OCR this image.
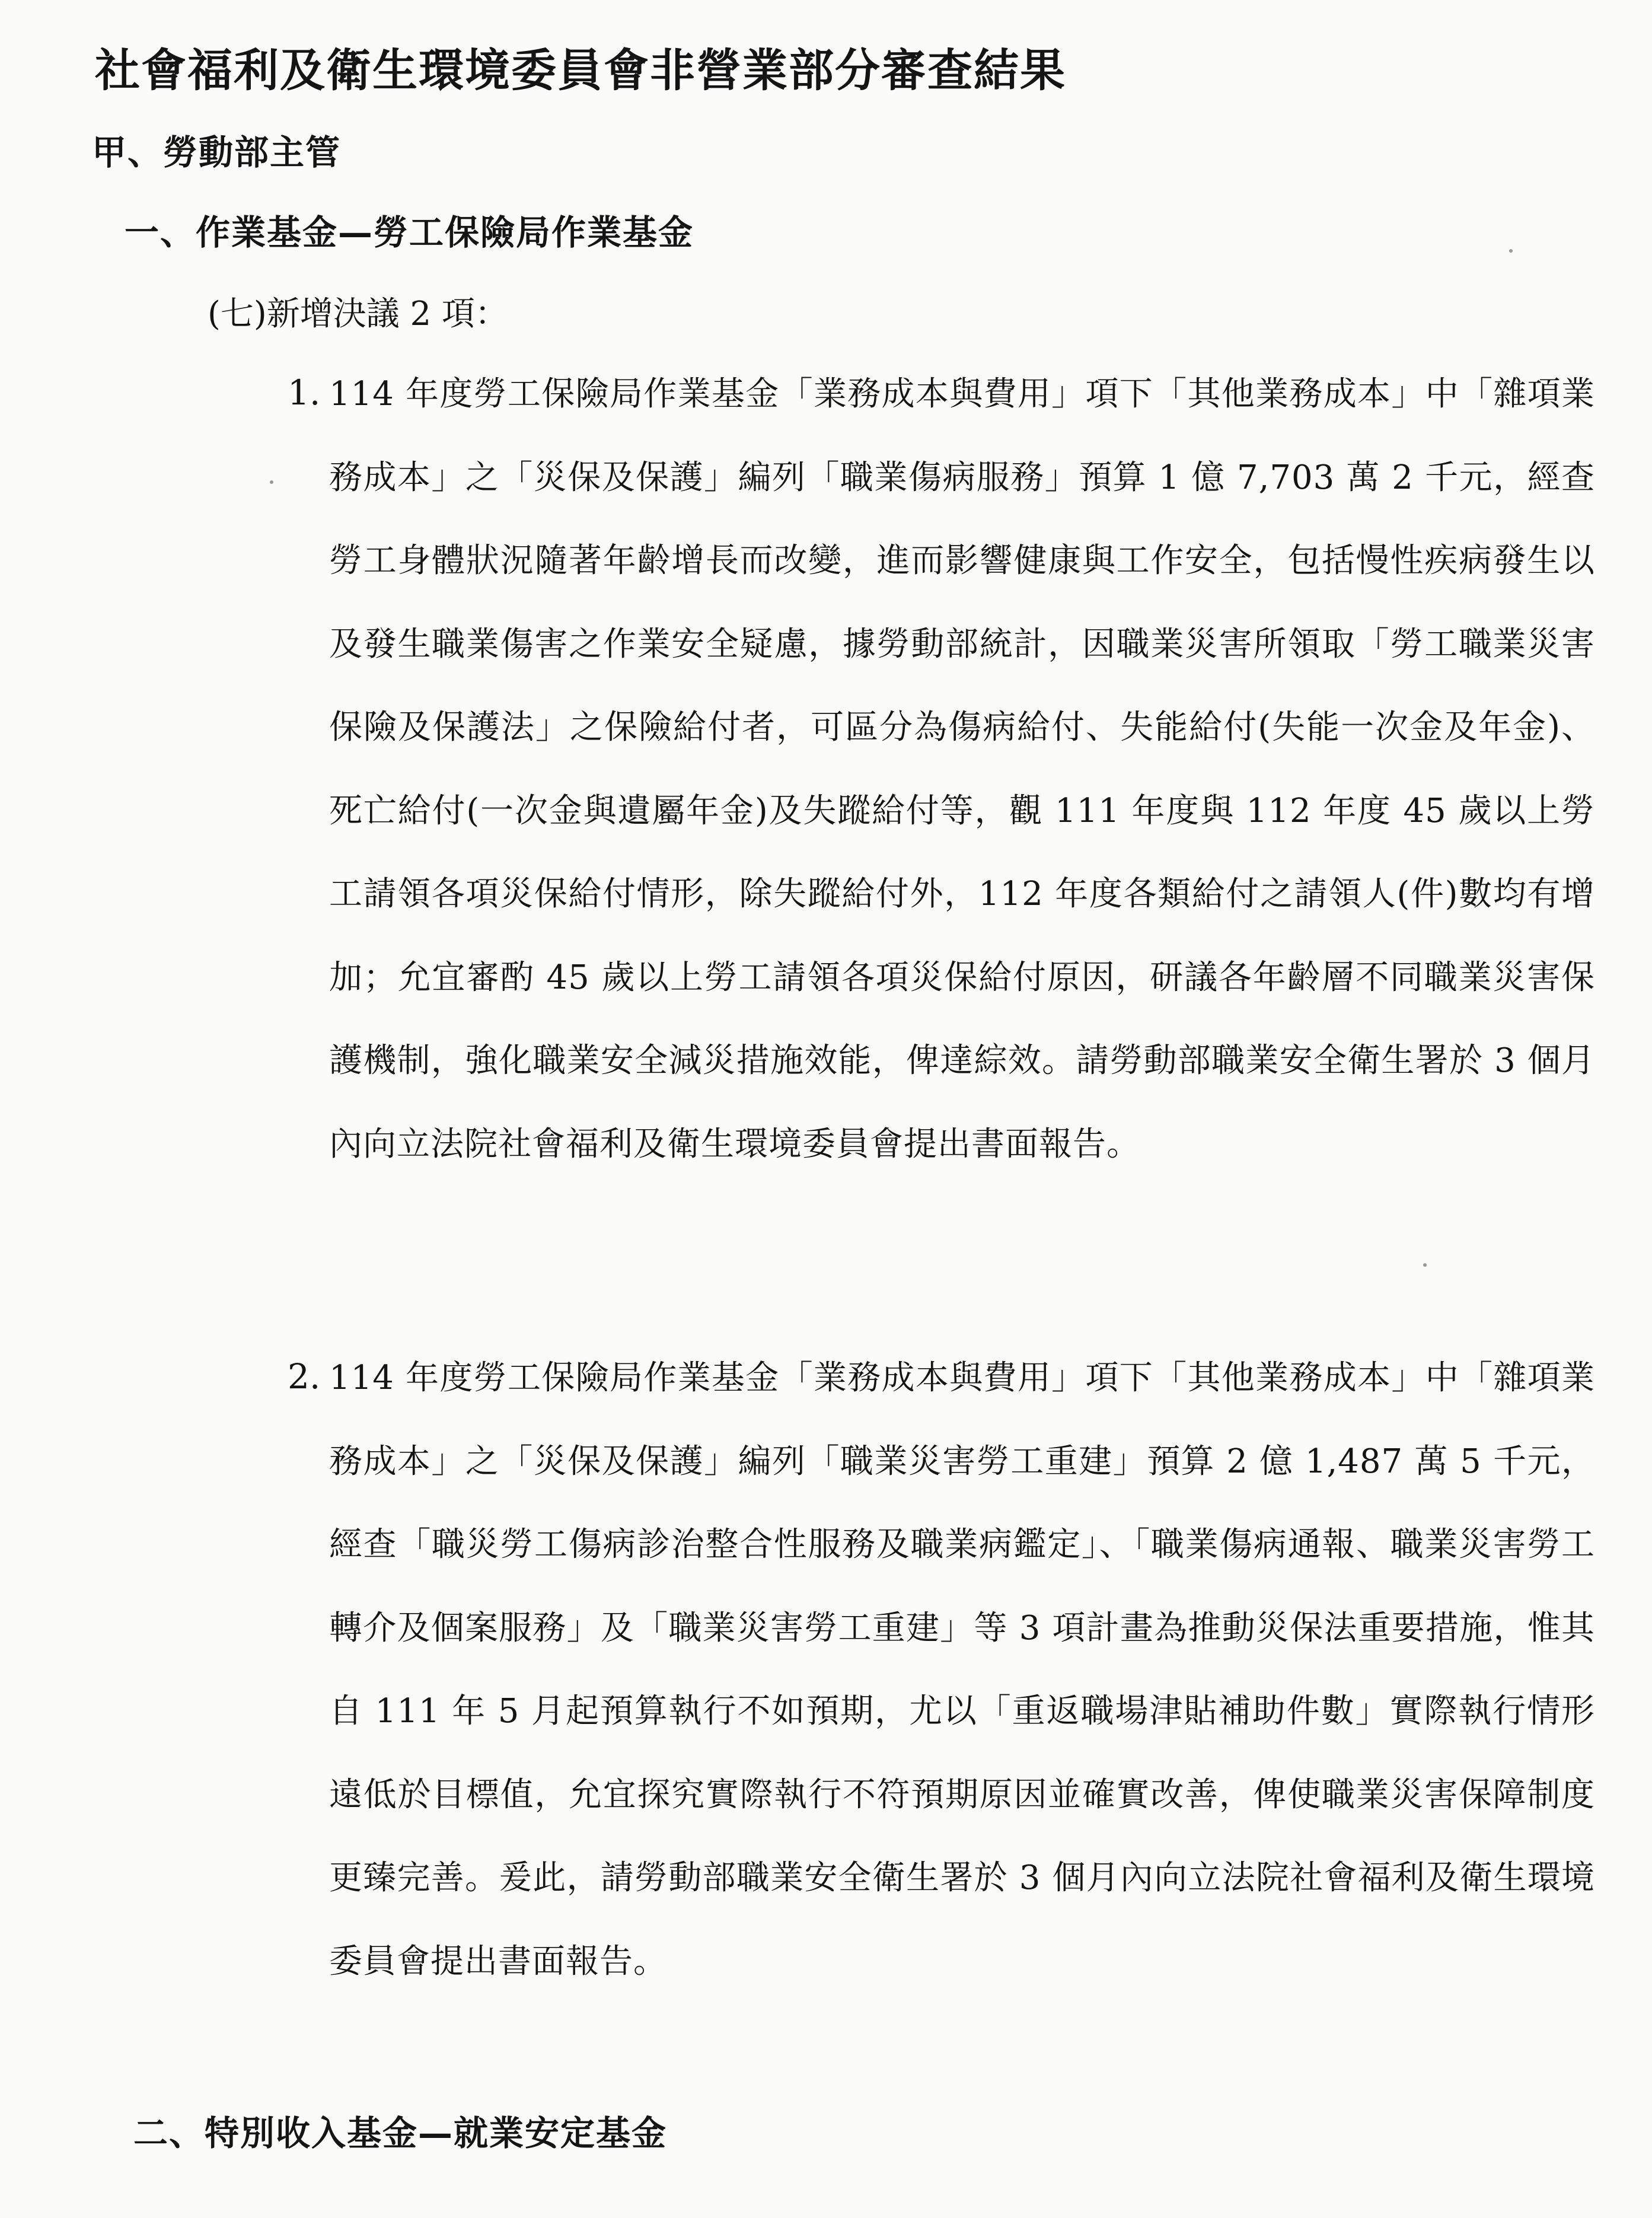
社會福利及衛生環境委員會非營業部分審查結果
甲、勞動部主管
一、作業基金—勞工保險局作業基金
(七)新增決議 2 項：
1. 114 年度勞工保險局作業基金「業務成本與費用」項下「其他業務成本」中「雜項業務成本」之「災保及保護」編列「職業傷病服務」預算 1 億 7,703 萬 2 千元，經查勞工身體狀況隨著年齡增長而改變，進而影響健康與工作安全，包括慢性疾病發生以及發生職業傷害之作業安全疑慮，據勞動部統計，因職業災害所領取「勞工職業災害保險及保護法」之保險給付者，可區分為傷病給付、失能給付(失能一次金及年金)、死亡給付(一次金與遺屬年金)及失蹤給付等，觀 111 年度與 112 年度 45 歲以上勞工請領各項災保給付情形，除失蹤給付外，112 年度各類給付之請領人(件)數均有增加；允宜審酌 45 歲以上勞工請領各項災保給付原因，研議各年齡層不同職業災害保護機制，強化職業安全減災措施效能，俾達綜效。請勞動部職業安全衛生署於 3 個月內向立法院社會福利及衛生環境委員會提出書面報告。
2. 114 年度勞工保險局作業基金「業務成本與費用」項下「其他業務成本」中「雜項業務成本」之「災保及保護」編列「職業災害勞工重建」預算 2 億 1,487 萬 5 千元，經查「職災勞工傷病診治整合性服務及職業病鑑定」、「職業傷病通報、職業災害勞工轉介及個案服務」及「職業災害勞工重建」等 3 項計畫為推動災保法重要措施，惟其自 111 年 5 月起預算執行不如預期，尤以「重返職場津貼補助件數」實際執行情形遠低於目標值，允宜探究實際執行不符預期原因並確實改善，俾使職業災害保障制度更臻完善。爰此，請勞動部職業安全衛生署於 3 個月內向立法院社會福利及衛生環境委員會提出書面報告。
二、特別收入基金—就業安定基金
